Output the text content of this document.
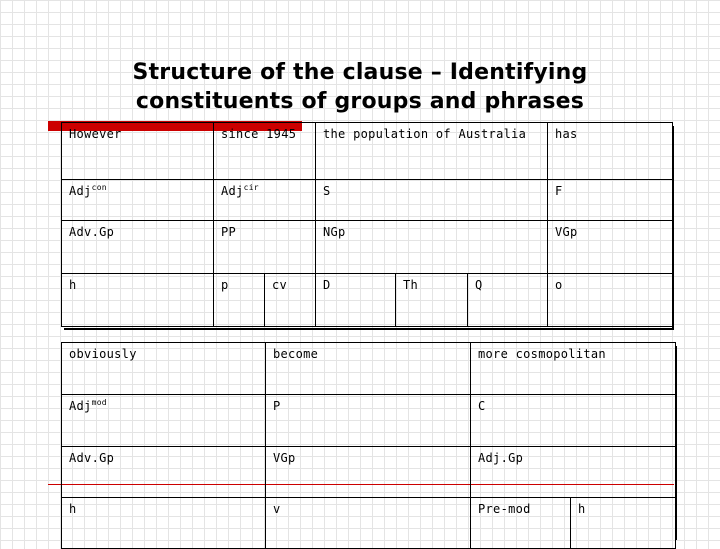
Structure of the clause – Identifying
constituents of groups and phrases
However	since 1945		the population of Australia			has
Adj$^{con}$	Adj$^{cir}$		S			F
Adv.Gp	PP		NGp			VGp
h	p	cv	D	Th	Q	o
obviously	become	more cosmopolitan	
Adj$^{mod}$	P	C	
Adv.Gp	VGp	Adj.Gp	
h	v	Pre-mod	h
